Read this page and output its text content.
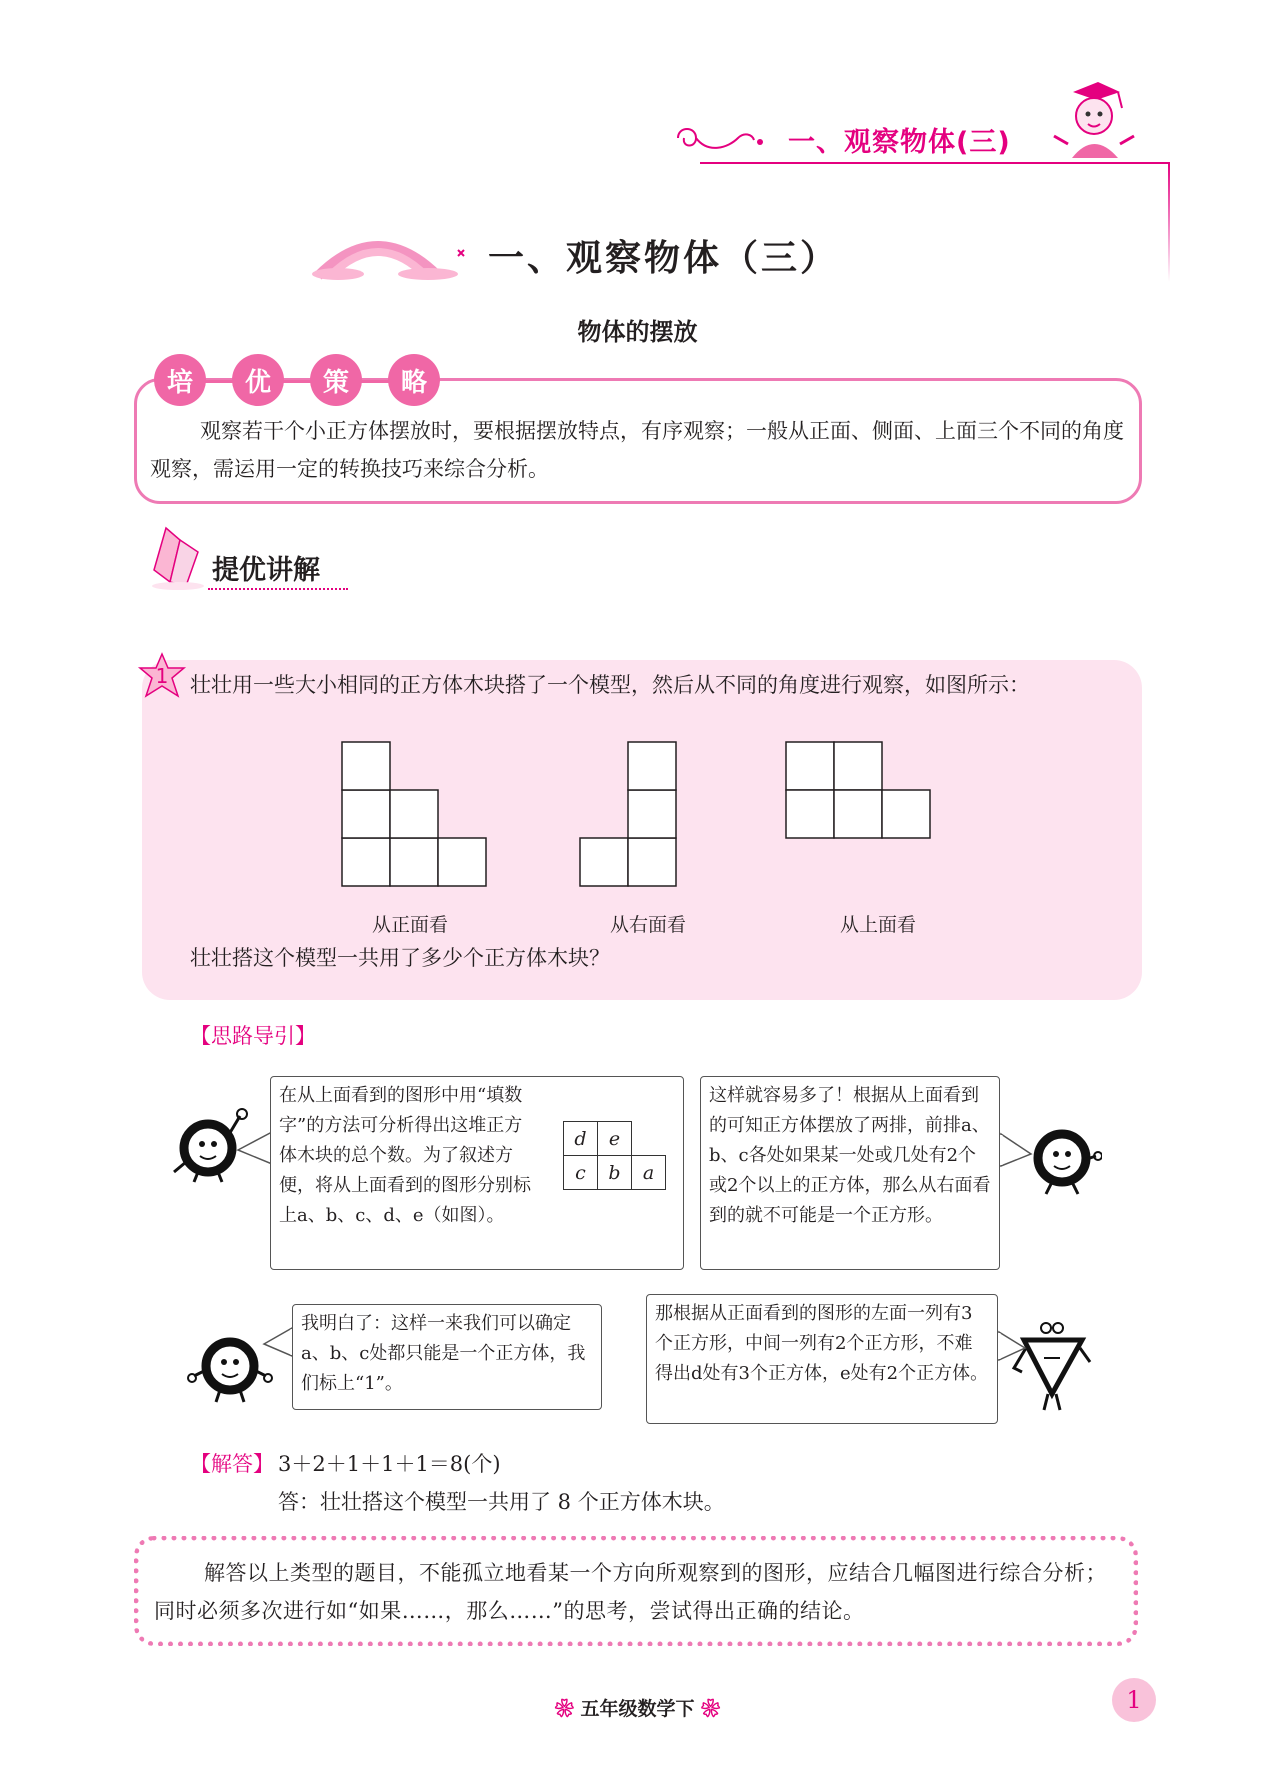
一、观察物体(三)
一、观察物体（三）
物体的摆放
培	优	策	略
观察若干个小正方体摆放时，要根据摆放特点，有序观察；一般从正面、侧面、上面三个不同的角度观察，需运用一定的转换技巧来综合分析。
提优讲解
1 壮壮用一些大小相同的正方体木块搭了一个模型，然后从不同的角度进行观察，如图所示：
从正面看	从右面看	从上面看
壮壮搭这个模型一共用了多少个正方体木块？
【思路导引】
在从上面看到的图形中用“填数字”的方法可分析得出这堆正方体木块的总个数。为了叙述方便，将从上面看到的图形分别标上a、b、c、d、e（如图）。
d	e	
c	b	a
这样就容易多了！根据从上面看到的可知正方体摆放了两排，前排a、b、c各处如果某一处或几处有2个或2个以上的正方体，那么从右面看到的就不可能是一个正方形。
我明白了：这样一来我们可以确定a、b、c处都只能是一个正方体，我们标上“1”。
那根据从正面看到的图形的左面一列有3个正方形，中间一列有2个正方形，不难得出d处有3个正方体，e处有2个正方体。
【解答】 3＋2＋1＋1＋1＝8(个)
答：壮壮搭这个模型一共用了 8 个正方体木块。
解答以上类型的题目，不能孤立地看某一个方向所观察到的图形，应结合几幅图进行综合分析；同时必须多次进行如“如果……，那么……”的思考，尝试得出正确的结论。
❀ 五年级数学下 ❀	1
